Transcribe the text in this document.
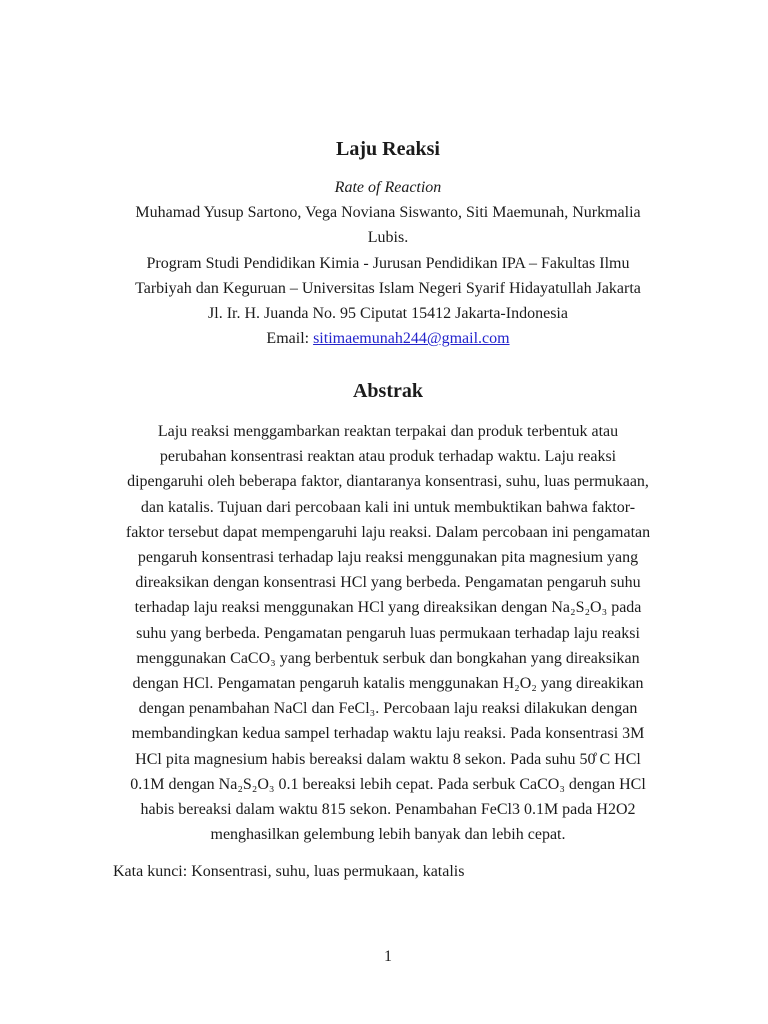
Laju Reaksi
Rate of Reaction
Muhamad Yusup Sartono, Vega Noviana Siswanto, Siti Maemunah, Nurkmalia
Lubis.
Program Studi Pendidikan Kimia - Jurusan Pendidikan IPA – Fakultas Ilmu
Tarbiyah dan Keguruan – Universitas Islam Negeri Syarif Hidayatullah Jakarta
Jl. Ir. H. Juanda No. 95 Ciputat 15412 Jakarta-Indonesia
Email: sitimaemunah244@gmail.com
Abstrak
Laju reaksi menggambarkan reaktan terpakai dan produk terbentuk atau
perubahan konsentrasi reaktan atau produk terhadap waktu. Laju reaksi
dipengaruhi oleh beberapa faktor, diantaranya konsentrasi, suhu, luas permukaan,
dan katalis. Tujuan dari percobaan kali ini untuk membuktikan bahwa faktor-
faktor tersebut dapat mempengaruhi laju reaksi. Dalam percobaan ini pengamatan
pengaruh konsentrasi terhadap laju reaksi menggunakan pita magnesium yang
direaksikan dengan konsentrasi HCl yang berbeda. Pengamatan pengaruh suhu
terhadap laju reaksi menggunakan HCl yang direaksikan dengan Na₂S₂O₃ pada
suhu yang berbeda. Pengamatan pengaruh luas permukaan terhadap laju reaksi
menggunakan CaCO₃ yang berbentuk serbuk dan bongkahan yang direaksikan
dengan HCl. Pengamatan pengaruh katalis menggunakan H₂O₂ yang direakikan
dengan penambahan NaCl dan FeCl₃. Percobaan laju reaksi dilakukan dengan
membandingkan kedua sampel terhadap waktu laju reaksi. Pada konsentrasi 3M
HCl pita magnesium habis bereaksi dalam waktu 8 sekon. Pada suhu 50̊ C HCl
0.1M dengan Na₂S₂O₃ 0.1 bereaksi lebih cepat. Pada serbuk CaCO₃ dengan HCl
habis bereaksi dalam waktu 815 sekon. Penambahan FeCl3 0.1M pada H2O2
menghasilkan gelembung lebih banyak dan lebih cepat.
Kata kunci: Konsentrasi, suhu, luas permukaan, katalis
1
